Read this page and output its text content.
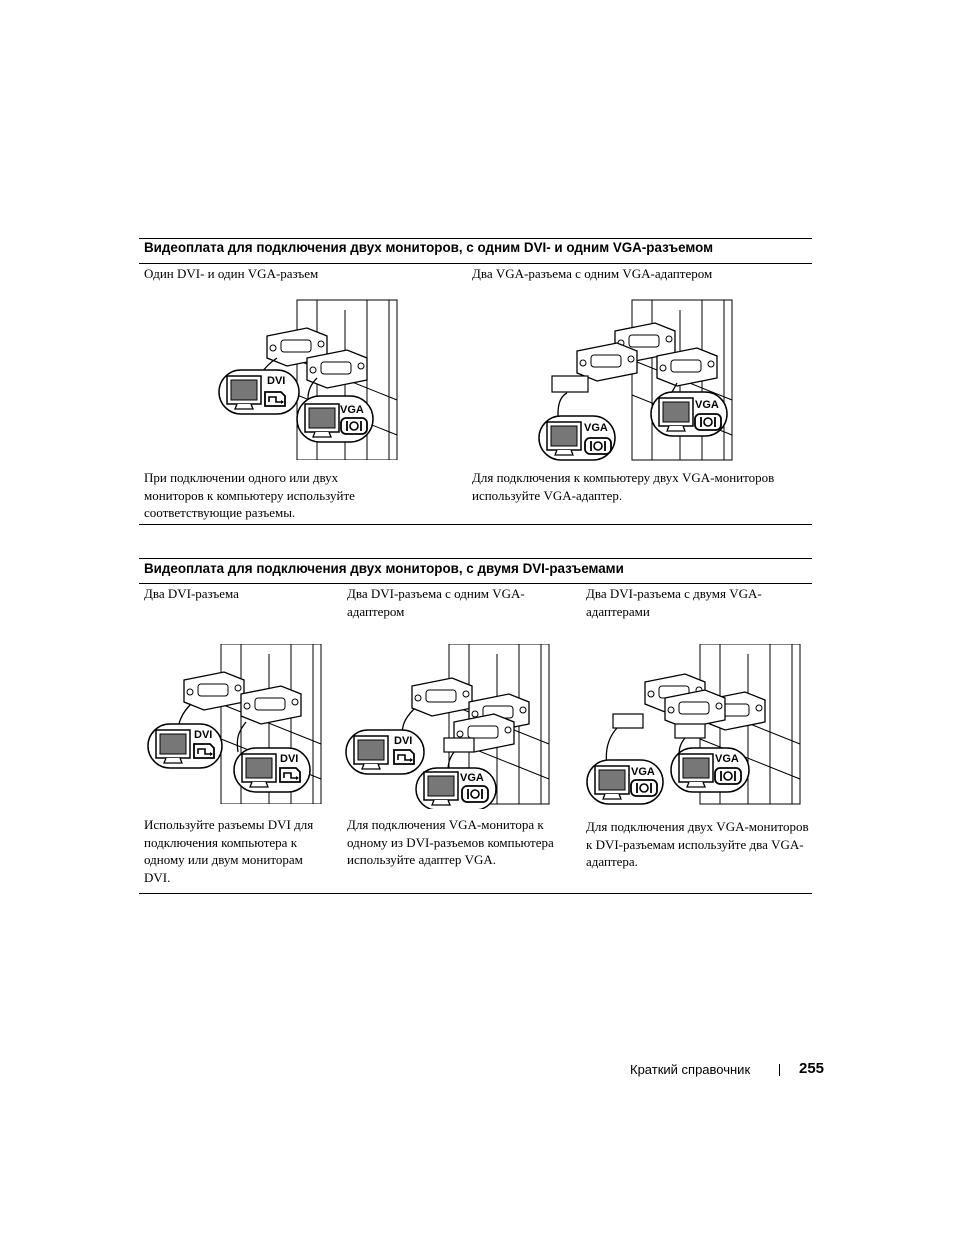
Видеоплата для подключения двух мониторов, с одним DVI- и одним VGA-разъемом
Один DVI- и один VGA-разъем	Два VGA-разъема с одним VGA-адаптером
DVI
VGA
VGA
VGA
При подключении одного или двух мониторов к компьютеру используйте соответствующие разъемы.
Для подключения к компьютеру двух VGA-мониторов используйте VGA-адаптер.
Видеоплата для подключения двух мониторов, с двумя DVI-разъемами
Два DVI-разъема	Два DVI-разъема с одним VGA-адаптером
Два DVI-разъема с двумя VGA-адаптерами
DVI
DVI
DVI
VGA	VGA
VGA
Используйте разъемы DVI для подключения компьютера к одному или двум мониторам DVI.
Для подключения VGA-монитора к одному из DVI-разъемов компьютера используйте адаптер VGA.
Для подключения двух VGA-мониторов к DVI-разъемам используйте два VGA-адаптера.
Краткий справочник	255
